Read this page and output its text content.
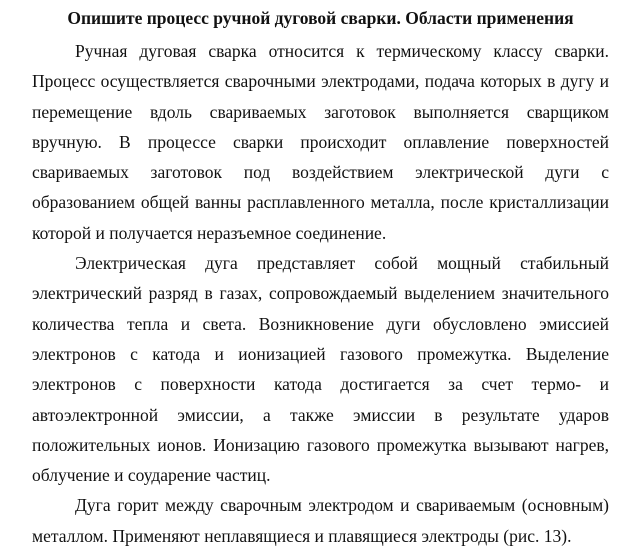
Опишите процесс ручной дуговой сварки. Области применения

Ручная дуговая сварка относится к термическому классу сварки. Процесс осуществляется сварочными электродами, подача которых в дугу и перемещение вдоль свариваемых заготовок выполняется сварщиком вручную. В процессе сварки происходит оплавление поверхностей свариваемых заготовок под воздействием электрической дуги с образованием общей ванны расплавленного металла, после кристаллизации которой и получается неразъемное соединение.

Электрическая дуга представляет собой мощный стабильный электрический разряд в газах, сопровождаемый выделением значительного количества тепла и света. Возникновение дуги обусловлено эмиссией электронов с катода и ионизацией газового промежутка. Выделение электронов с поверхности катода достигается за счет термо- и автоэлектронной эмиссии, а также эмиссии в результате ударов положительных ионов. Ионизацию газового промежутка вызывают нагрев, облучение и соударение частиц.

Дуга горит между сварочным электродом и свариваемым (основным) металлом. Применяют неплавящиеся и плавящиеся электроды (рис. 13).
